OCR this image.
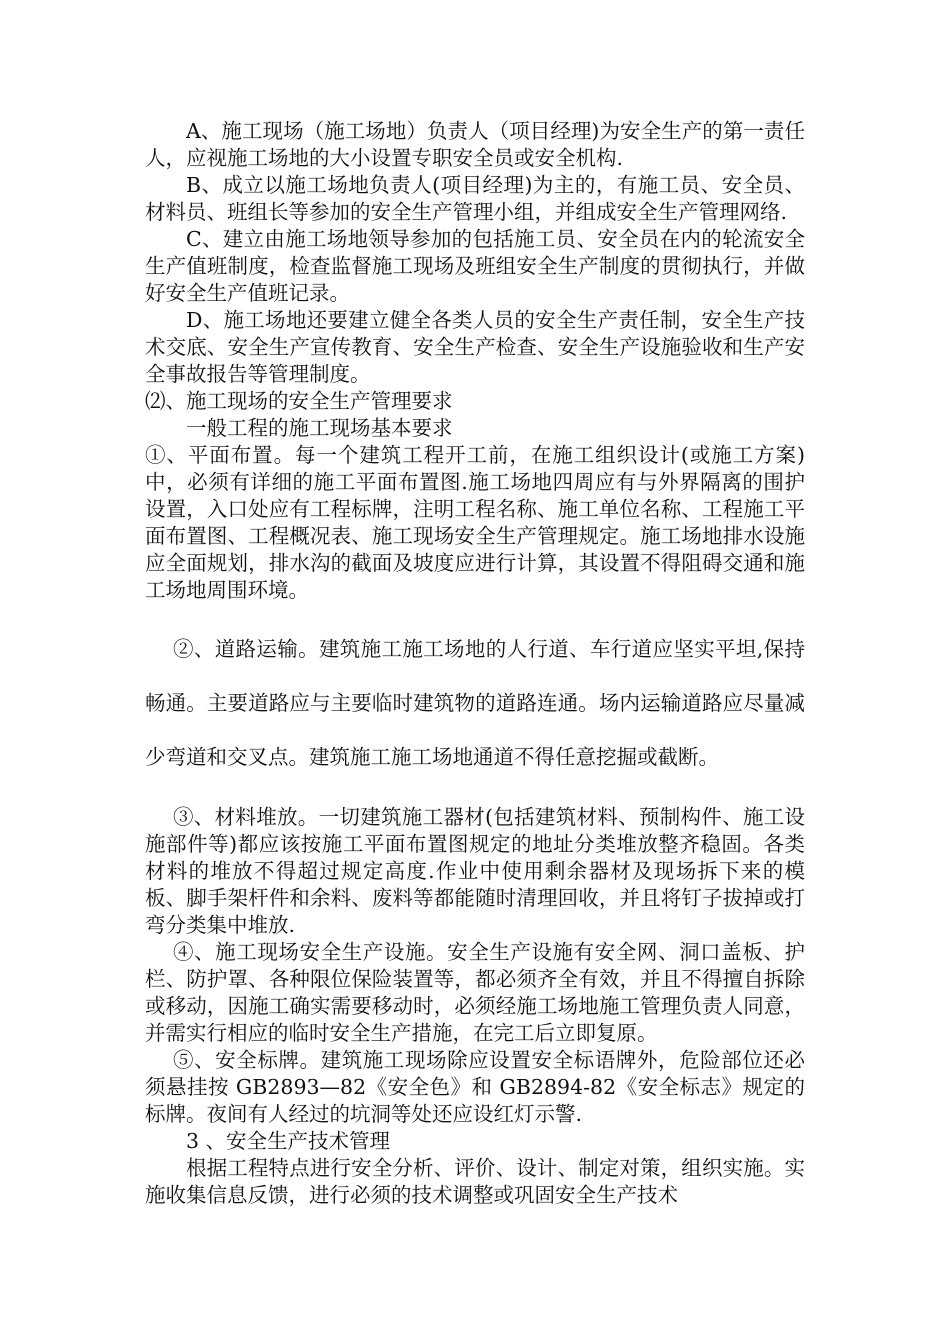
A、施工现场（施工场地）负责人（项目经理)为安全生产的第一责任人，应视施工场地的大小设置专职安全员或安全机构.

B、成立以施工场地负责人(项目经理)为主的，有施工员、安全员、材料员、班组长等参加的安全生产管理小组，并组成安全生产管理网络.

C、建立由施工场地领导参加的包括施工员、安全员在内的轮流安全生产值班制度，检查监督施工现场及班组安全生产制度的贯彻执行，并做好安全生产值班记录。

D、施工场地还要建立健全各类人员的安全生产责任制，安全生产技术交底、安全生产宣传教育、安全生产检查、安全生产设施验收和生产安全事故报告等管理制度。

⑵、施工现场的安全生产管理要求

一般工程的施工现场基本要求

①、平面布置。每一个建筑工程开工前，在施工组织设计(或施工方案)中，必须有详细的施工平面布置图.施工场地四周应有与外界隔离的围护设置，入口处应有工程标牌，注明工程名称、施工单位名称、工程施工平面布置图、工程概况表、施工现场安全生产管理规定。施工场地排水设施应全面规划，排水沟的截面及坡度应进行计算，其设置不得阻碍交通和施工场地周围环境。

②、道路运输。建筑施工施工场地的人行道、车行道应坚实平坦,保持畅通。主要道路应与主要临时建筑物的道路连通。场内运输道路应尽量减少弯道和交叉点。建筑施工施工场地通道不得任意挖掘或截断。

③、材料堆放。一切建筑施工器材(包括建筑材料、预制构件、施工设施部件等)都应该按施工平面布置图规定的地址分类堆放整齐稳固。各类材料的堆放不得超过规定高度.作业中使用剩余器材及现场拆下来的模板、脚手架杆件和余料、废料等都能随时清理回收，并且将钉子拔掉或打弯分类集中堆放.

④、施工现场安全生产设施。安全生产设施有安全网、洞口盖板、护栏、防护罩、各种限位保险装置等，都必须齐全有效，并且不得擅自拆除或移动，因施工确实需要移动时，必须经施工场地施工管理负责人同意，并需实行相应的临时安全生产措施，在完工后立即复原。

⑤、安全标牌。建筑施工现场除应设置安全标语牌外，危险部位还必须悬挂按 GB2893—82《安全色》和 GB2894-82《安全标志》规定的标牌。夜间有人经过的坑洞等处还应设红灯示警.

3 、安全生产技术管理

根据工程特点进行安全分析、评价、设计、制定对策，组织实施。实施收集信息反馈，进行必须的技术调整或巩固安全生产技术
